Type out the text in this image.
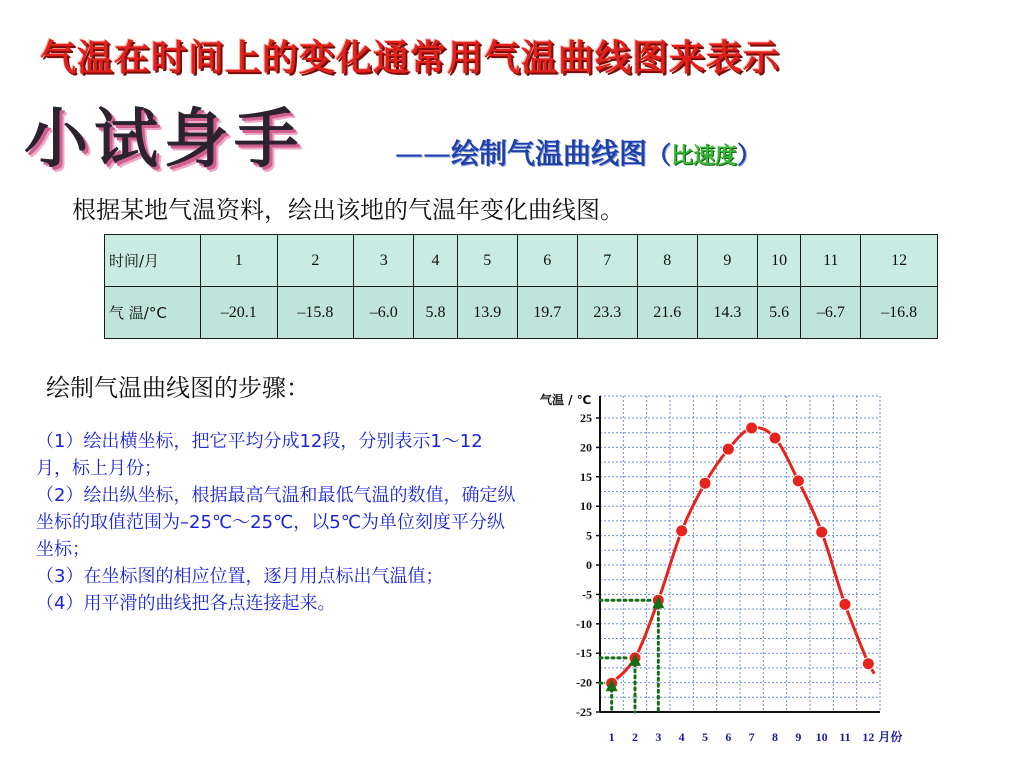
气温在时间上的变化通常用气温曲线图来表示
小试身手	——绘制气温曲线图（比速度）
根据某地气温资料，绘出该地的气温年变化曲线图。
时间/月	1	2	3	4	5	6	7	8	9	10	11	12
气 温/°C	–20.1	–15.8	–6.0	5.8	13.9	19.7	23.3	21.6	14.3	5.6	–6.7	–16.8
绘制气温曲线图的步骤：

（1）绘出横坐标，把它平均分成12段，分别表示1～12月，标上月份；

（2）绘出纵坐标，根据最高气温和最低气温的数值，确定纵坐标的取值范围为–25℃～25℃，以5℃为单位刻度平分纵坐标；

（3）在坐标图的相应位置，逐月用点标出气温值；

（4）用平滑的曲线把各点连接起来。

25
20
15
10
5
0
-5
-10
-15
-20
-25
气温 / ℃
1 2 3 4 5 6 7 8 9 10 11 12 月份
